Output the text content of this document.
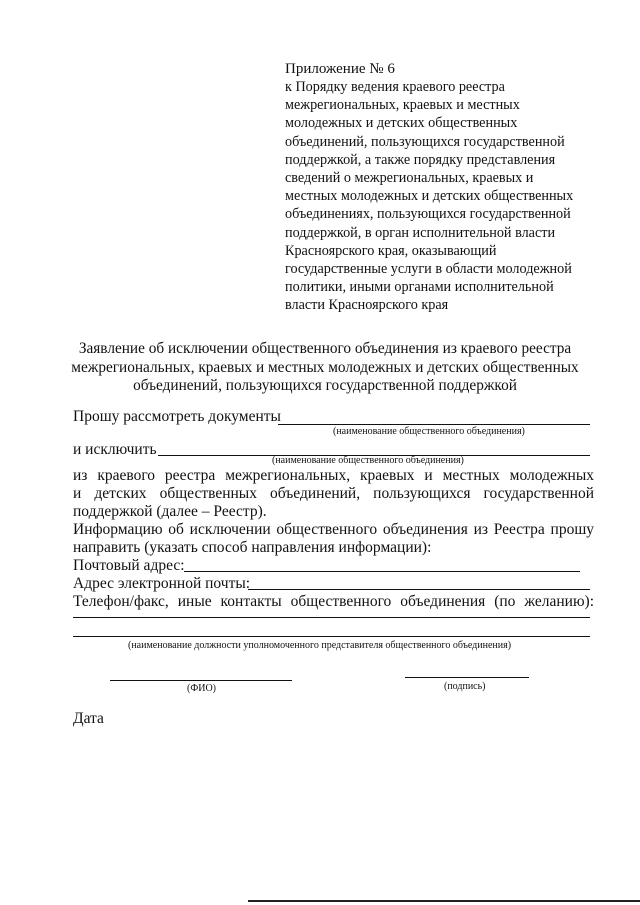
Приложение № 6
к Порядку ведения краевого реестра
межрегиональных, краевых и местных
молодежных и детских общественных
объединений, пользующихся государственной
поддержкой, а также порядку представления
сведений о межрегиональных, краевых и
местных молодежных и детских общественных
объединениях, пользующихся государственной
поддержкой, в орган исполнительной власти
Красноярского края, оказывающий
государственные услуги в области молодежной
политики, иными органами исполнительной
власти Красноярского края
Заявление об исключении общественного объединения из краевого реестра
межрегиональных, краевых и местных молодежных и детских общественных
объединений, пользующихся государственной поддержкой
Прошу рассмотреть документы
(наименование общественного объединения)
и исключить
(наименование общественного объединения)
из краевого реестра межрегиональных, краевых и местных молодежных
и детских общественных объединений, пользующихся государственной
поддержкой (далее – Реестр).
Информацию об исключении общественного объединения из Реестра прошу
направить (указать способ направления информации):
Почтовый адрес:
Адрес электронной почты:
Телефон/факс, иные контакты общественного объединения (по желанию):
(наименование должности уполномоченного представителя общественного объединения)
(ФИО)	(подпись)
Дата
